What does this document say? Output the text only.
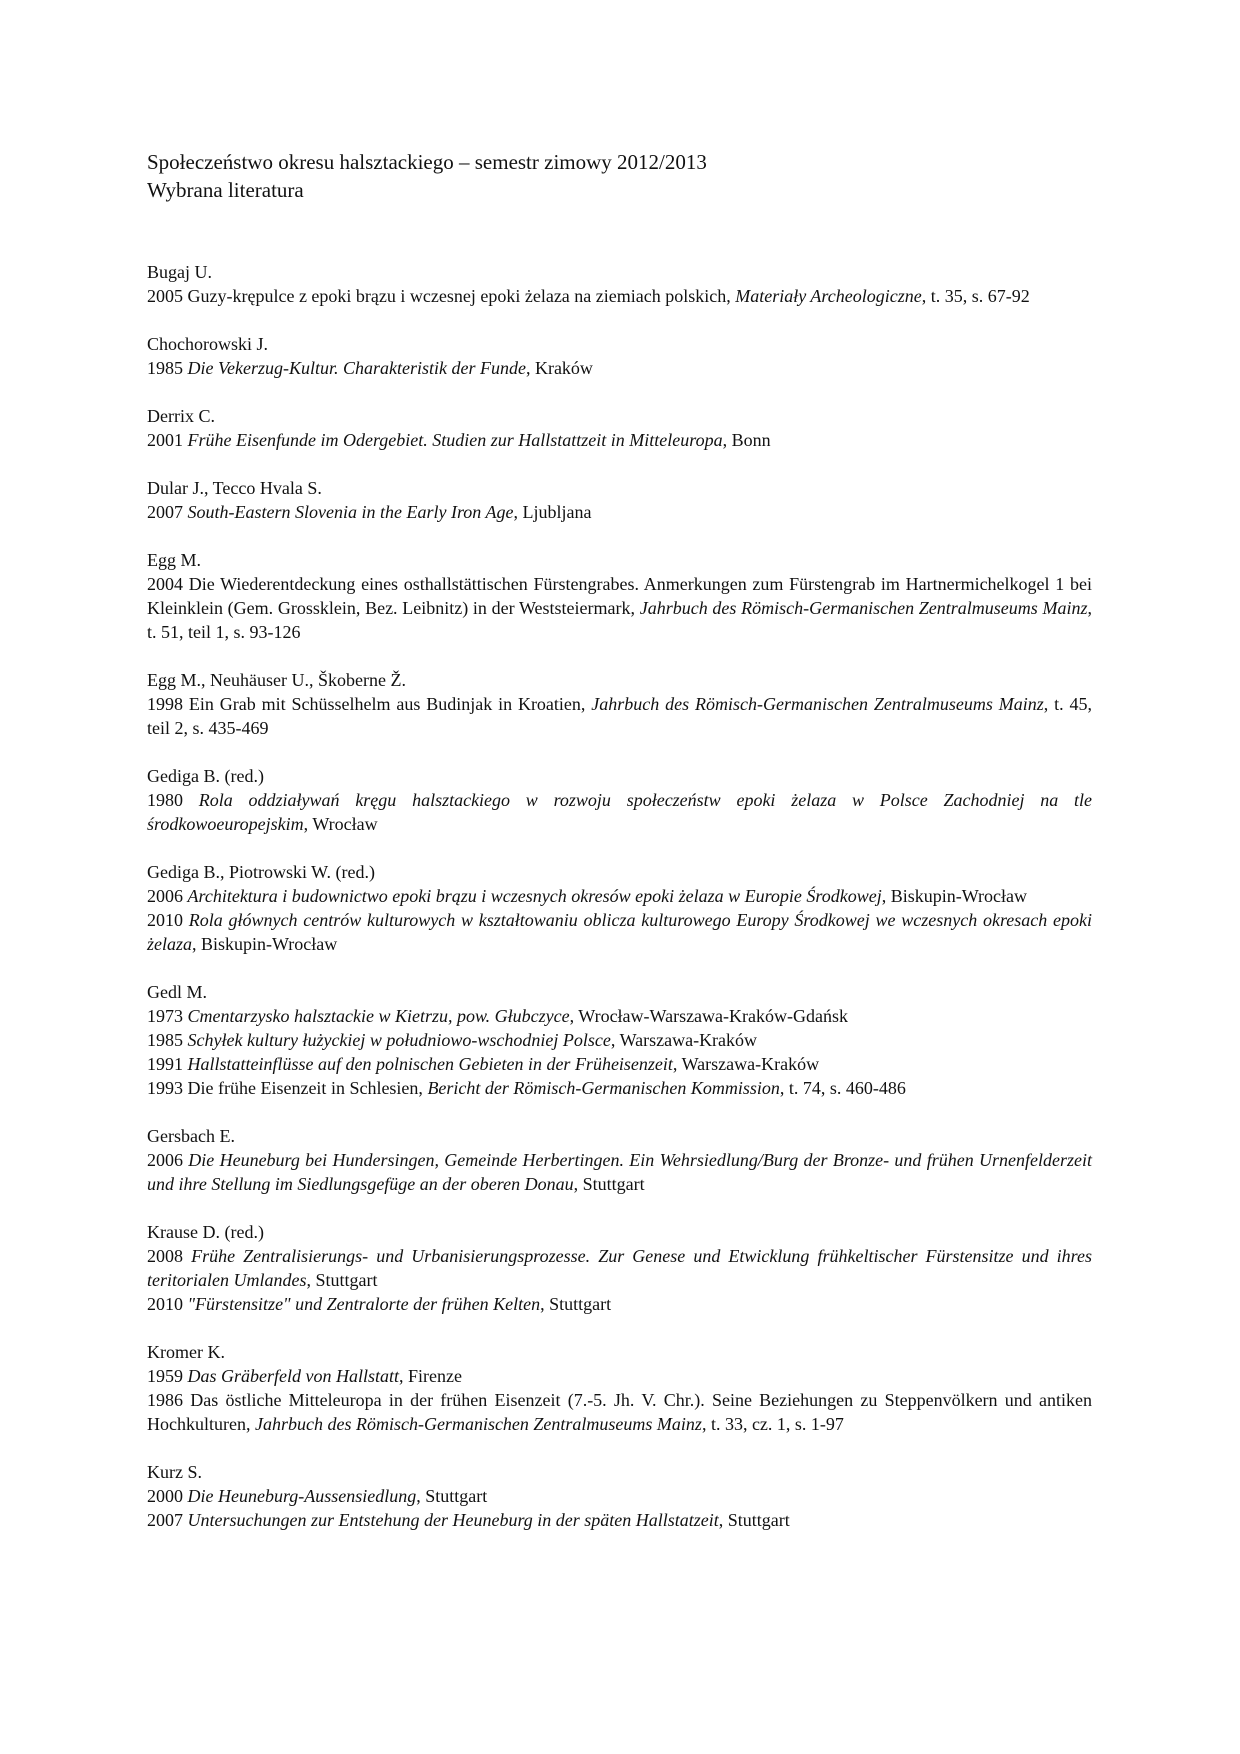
Społeczeństwo okresu halsztackiego – semestr zimowy 2012/2013
Wybrana literatura
Bugaj U.
2005 Guzy-krępulce z epoki brązu i wczesnej epoki żelaza na ziemiach polskich, Materiały Archeologiczne, t. 35, s. 67-92
Chochorowski J.
1985 Die Vekerzug-Kultur. Charakteristik der Funde, Kraków
Derrix C.
2001 Frühe Eisenfunde im Odergebiet. Studien zur Hallstattzeit in Mitteleuropa, Bonn
Dular J., Tecco Hvala S.
2007 South-Eastern Slovenia in the Early Iron Age, Ljubljana
Egg M.
2004 Die Wiederentdeckung eines osthallstättischen Fürstengrabes. Anmerkungen zum Fürstengrab im Hartnermichelkogel 1 bei Kleinklein (Gem. Grossklein, Bez. Leibnitz) in der Weststeiermark, Jahrbuch des Römisch-Germanischen Zentralmuseums Mainz, t. 51, teil 1, s. 93-126
Egg M., Neuhäuser U., Škoberne Ž.
1998 Ein Grab mit Schüsselhelm aus Budinjak in Kroatien, Jahrbuch des Römisch-Germanischen Zentralmuseums Mainz, t. 45, teil 2, s. 435-469
Gediga B. (red.)
1980 Rola oddziaływań kręgu halsztackiego w rozwoju społeczeństw epoki żelaza w Polsce Zachodniej na tle środkowoeuropejskim, Wrocław
Gediga B., Piotrowski W. (red.)
2006 Architektura i budownictwo epoki brązu i wczesnych okresów epoki żelaza w Europie Środkowej, Biskupin-Wrocław
2010 Rola głównych centrów kulturowych w kształtowaniu oblicza kulturowego Europy Środkowej we wczesnych okresach epoki żelaza, Biskupin-Wrocław
Gedl M.
1973 Cmentarzysko halsztackie w Kietrzu, pow. Głubczyce, Wrocław-Warszawa-Kraków-Gdańsk
1985 Schyłek kultury łużyckiej w południowo-wschodniej Polsce, Warszawa-Kraków
1991 Hallstatteinflüsse auf den polnischen Gebieten in der Früheisenzeit, Warszawa-Kraków
1993 Die frühe Eisenzeit in Schlesien, Bericht der Römisch-Germanischen Kommission, t. 74, s. 460-486
Gersbach E.
2006 Die Heuneburg bei Hundersingen, Gemeinde Herbertingen. Ein Wehrsiedlung/Burg der Bronze- und frühen Urnenfelderzeit und ihre Stellung im Siedlungsgefüge an der oberen Donau, Stuttgart
Krause D. (red.)
2008 Frühe Zentralisierungs- und Urbanisierungsprozesse. Zur Genese und Etwicklung frühkeltischer Fürstensitze und ihres teritorialen Umlandes, Stuttgart
2010 "Fürstensitze" und Zentralorte der frühen Kelten, Stuttgart
Kromer K.
1959 Das Gräberfeld von Hallstatt, Firenze
1986 Das östliche Mitteleuropa in der frühen Eisenzeit (7.-5. Jh. V. Chr.). Seine Beziehungen zu Steppenvölkern und antiken Hochkulturen, Jahrbuch des Römisch-Germanischen Zentralmuseums Mainz, t. 33, cz. 1, s. 1-97
Kurz S.
2000 Die Heuneburg-Aussensiedlung, Stuttgart
2007 Untersuchungen zur Entstehung der Heuneburg in der späten Hallstatzeit, Stuttgart
